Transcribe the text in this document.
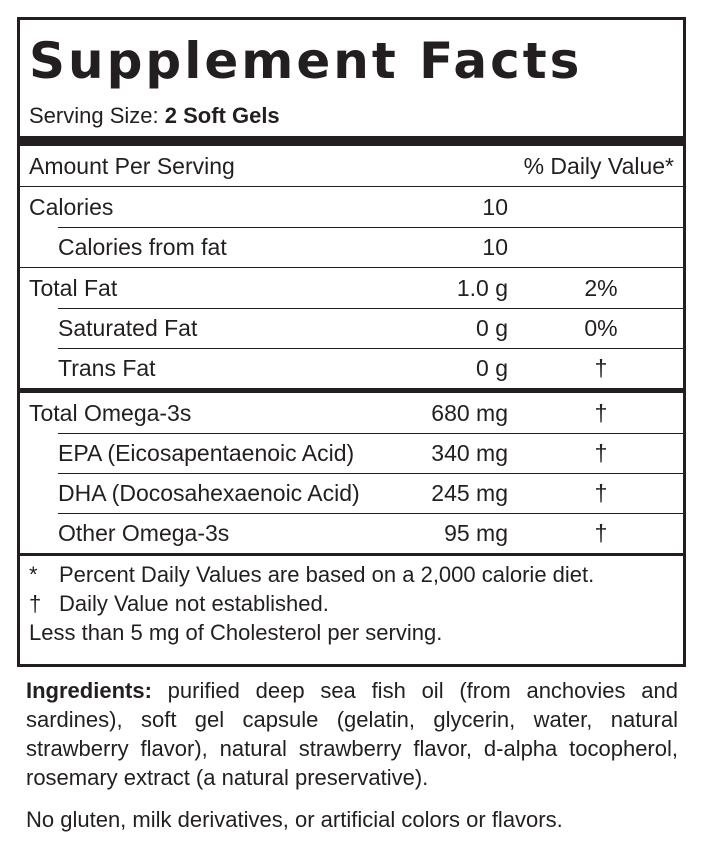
Supplement Facts
Serving Size: 2 Soft Gels
Amount Per Serving	% Daily Value*
Calories	10
Calories from fat	10
Total Fat	1.0 g	2%
Saturated Fat	0 g	0%
Trans Fat	0 g	†
Total Omega-3s	680 mg	†
EPA (Eicosapentaenoic Acid)	340 mg	†
DHA (Docosahexaenoic Acid)	245 mg	†
Other Omega-3s	95 mg	†
* Percent Daily Values are based on a 2,000 calorie diet.
† Daily Value not established.
Less than 5 mg of Cholesterol per serving.
Ingredients: purified deep sea fish oil (from anchovies and sardines), soft gel capsule (gelatin, glycerin, water, natural strawberry flavor), natural strawberry flavor, d-alpha tocopherol, rosemary extract (a natural preservative).
No gluten, milk derivatives, or artificial colors or flavors.
